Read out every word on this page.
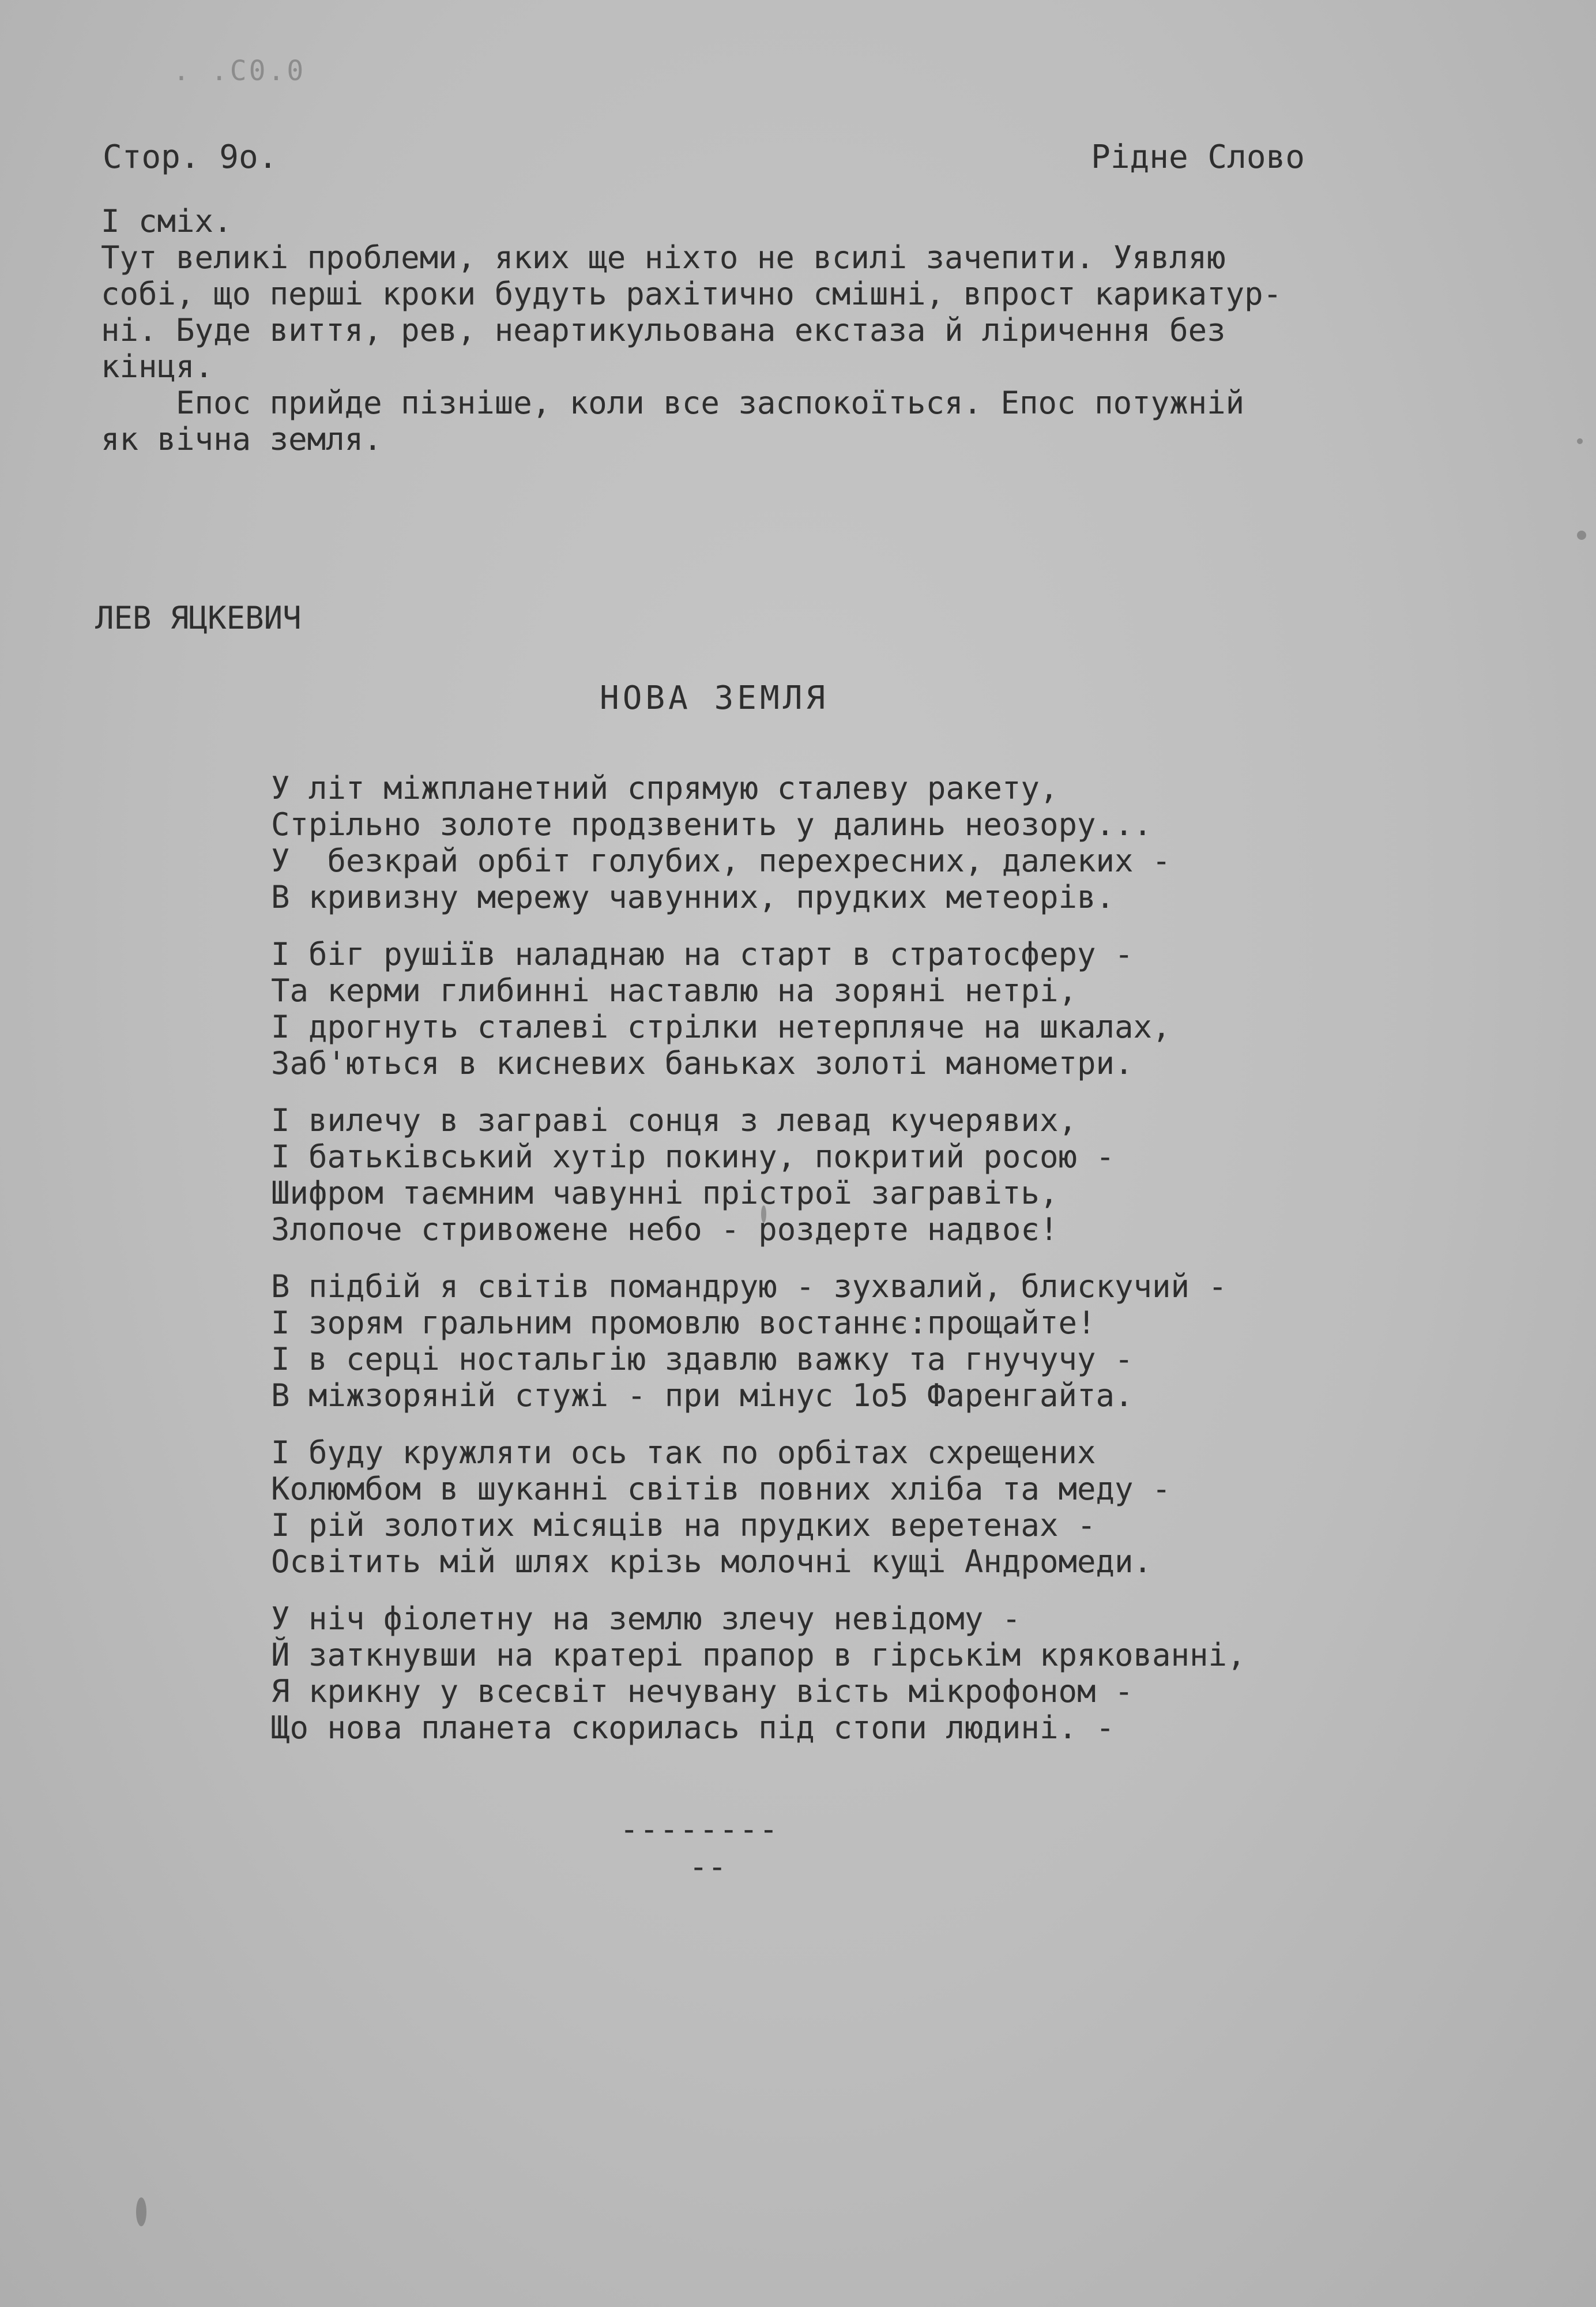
. .C0.0
Стор. 9о.	Рідне Слово
І сміх.
Тут великі проблеми, яких ще ніхто не всилі зачепити. Уявляю
собі, що перші кроки будуть рахітично смішні, впрост карикатур-
ні. Буде виття, рев, неартикульована екстаза й ліричення без
кінця.
Епос прийде пізніше, коли все заспокоїться. Епос потужній
як вічна земля.
ЛЕВ ЯЦКЕВИЧ
НОВА ЗЕМЛЯ
У літ міжпланетний спрямую сталеву ракету,
Стрільно золоте продзвенить у далинь неозору...
У  безкрай орбіт голубих, перехресних, далеких -
В кривизну мережу чавунних, прудких метеорів.
І біг рушіїв наладнаю на старт в стратосферу -
Та керми глибинні наставлю на зоряні нетрі,
І дрогнуть сталеві стрілки нетерпляче на шкалах,
Заб'ються в кисневих баньках золоті манометри.
І вилечу в заграві сонця з левад кучерявих,
І батьківський хутір покину, покритий росою -
Шифром таємним чавунні прістрої загравіть,
Злопоче стривожене небо - роздерте надвоє!
В підбій я світів помандрую - зухвалий, блискучий -
І зорям гральним промовлю востаннє:прощайте!
І в серці ностальгію здавлю важку та гнучучу -
В міжзоряній стужі - при мінус 1о5 Фаренгайта.
І буду кружляти ось так по орбітах схрещених
Колюмбом в шуканні світів повних хліба та меду -
І рій золотих місяців на прудких веретенах -
Освітить мій шлях крізь молочні кущі Андромеди.
У ніч фіолетну на землю злечу невідому -
Й заткнувши на кратері прапор в гірськім крякованні,
Я крикну у всесвіт нечувану вість мікрофоном -
Що нова планета скорилась під стопи людині. -
--------
--
